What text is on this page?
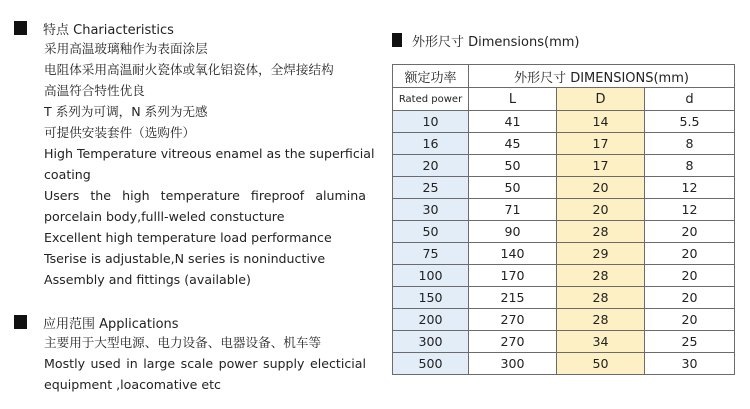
特点 Chariacteristics
采用高温玻璃釉作为表面涂层
电阻体采用高温耐火瓷体或氧化铝瓷体，全焊接结构
高温符合特性优良
T 系列为可调，N 系列为无感
可提供安装套件（选购件）
High Temperature vitreous enamel as the superficial
coating
Users the high temperature fireproof alumina
porcelain body,fulll-weled constucture
Excellent high temperature load performance
Tserise is adjustable,N series is noninductive
Assembly and fittings (available)
应用范围 Applications
主要用于大型电源、电力设备、电器设备、机车等
Mostly used in large scale power supply electicial
equipment ,loacomative etc
外形尺寸 Dimensions(mm)
额定功率	外形尺寸 DIMENSIONS(mm)		
Rated power	L	D	d
10	41	14	5.5
16	45	17	8
20	50	17	8
25	50	20	12
30	71	20	12
50	90	28	20
75	140	29	20
100	170	28	20
150	215	28	20
200	270	28	20
300	270	34	25
500	300	50	30
